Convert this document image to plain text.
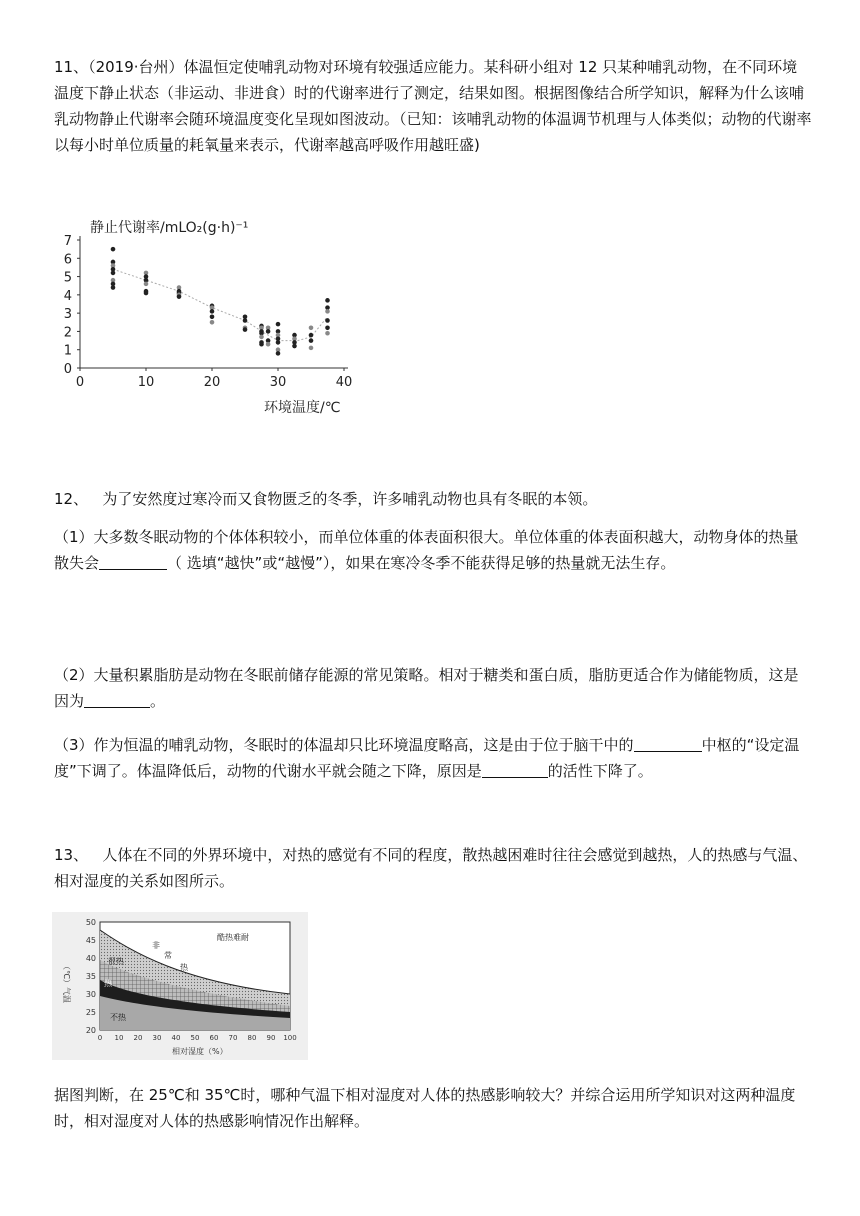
11、（2019·台州）体温恒定使哺乳动物对环境有较强适应能力。某科研小组对 12 只某种哺乳动物，在不同环境温度下静止状态（非运动、非进食）时的代谢率进行了测定，结果如图。根据图像结合所学知识，解释为什么该哺乳动物静止代谢率会随环境温度变化呈现如图波动。（已知：该哺乳动物的体温调节机理与人体类似；动物的代谢率以每小时单位质量的耗氧量来表示，代谢率越高呼吸作用越旺盛)

静止代谢率/mLO₂(g·h)⁻¹
环境温度/℃
0
1
2
3
4
5
6
7
0	10	20	30	40

12、 为了安然度过寒冷而又食物匮乏的冬季，许多哺乳动物也具有冬眠的本领。

（1）大多数冬眠动物的个体体积较小，而单位体重的体表面积很大。单位体重的体表面积越大，动物身体的热量散失会	（ 选填“越快”或“越慢”），如果在寒冷冬季不能获得足够的热量就无法生存。

（2）大量积累脂肪是动物在冬眠前储存能源的常见策略。相对于糖类和蛋白质，脂肪更适合作为储能物质，这是因为	。

（3）作为恒温的哺乳动物，冬眠时的体温却只比环境温度略高，这是由于位于脑干中的	中枢的“设定温度”下调了。体温降低后，动物的代谢水平就会随之下降，原因是	的活性下降了。

13、 人体在不同的外界环境中，对热的感觉有不同的程度，散热越困难时往往会感觉到越热，人的热感与气温、相对湿度的关系如图所示。

酷热难耐
非
常
热
很热
热
不热
20
25
30
35
40
45
50
0 10 20 30 40 50 60 70 80 90 100
（℃）气温
相对湿度（%）

据图判断，在 25℃和 35℃时，哪种气温下相对湿度对人体的热感影响较大？并综合运用所学知识对这两种温度时，相对湿度对人体的热感影响情况作出解释。
